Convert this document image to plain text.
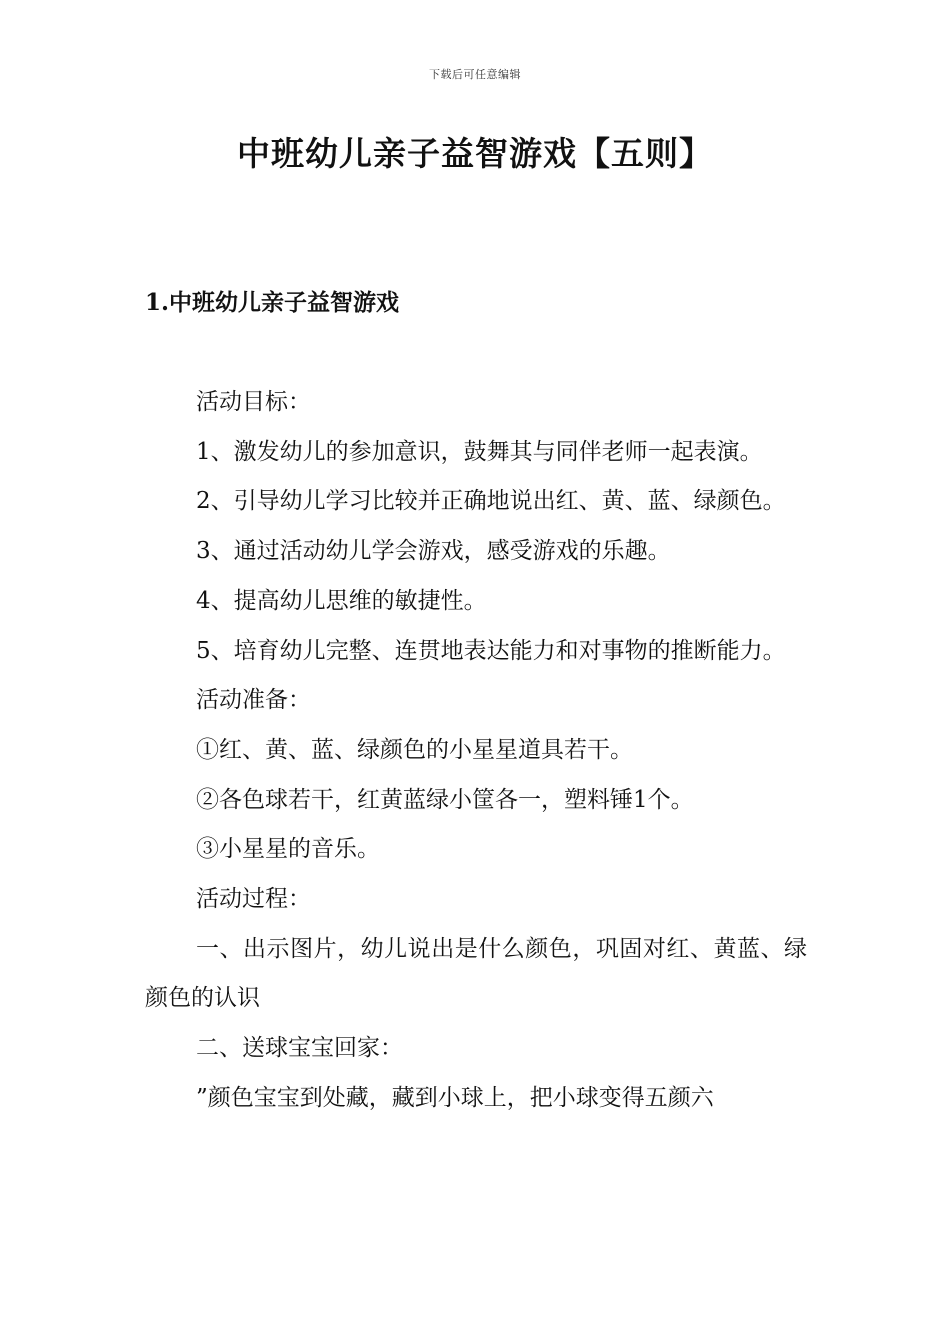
下载后可任意编辑
中班幼儿亲子益智游戏【五则】
1.中班幼儿亲子益智游戏

活动目标：

1、激发幼儿的参加意识，鼓舞其与同伴老师一起表演。

2、引导幼儿学习比较并正确地说出红、黄、蓝、绿颜色。

3、通过活动幼儿学会游戏，感受游戏的乐趣。

4、提高幼儿思维的敏捷性。

5、培育幼儿完整、连贯地表达能力和对事物的推断能力。

活动准备：

①红、黄、蓝、绿颜色的小星星道具若干。

②各色球若干，红黄蓝绿小筐各一，塑料锤1个。

③小星星的音乐。

活动过程：

一、出示图片，幼儿说出是什么颜色，巩固对红、黄蓝、绿颜色的认识

二、送球宝宝回家：

”颜色宝宝到处藏，藏到小球上，把小球变得五颜六
